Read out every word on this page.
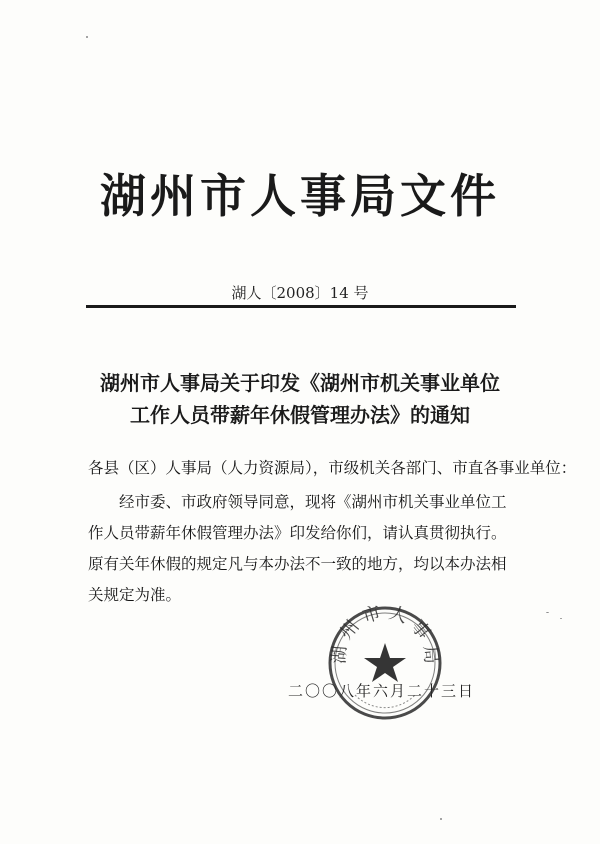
湖州市人事局文件
湖人〔2008〕14 号
湖州市人事局关于印发《湖州市机关事业单位
工作人员带薪年休假管理办法》的通知
各县（区）人事局（人力资源局），市级机关各部门、市直各事业单位：
经市委、市政府领导同意，现将《湖州市机关事业单位工
作人员带薪年休假管理办法》印发给你们，请认真贯彻执行。
原有关年休假的规定凡与本办法不一致的地方，均以本办法相
关规定为准。
二〇〇八年六月二十三日
湖 州 市 人 事 局
